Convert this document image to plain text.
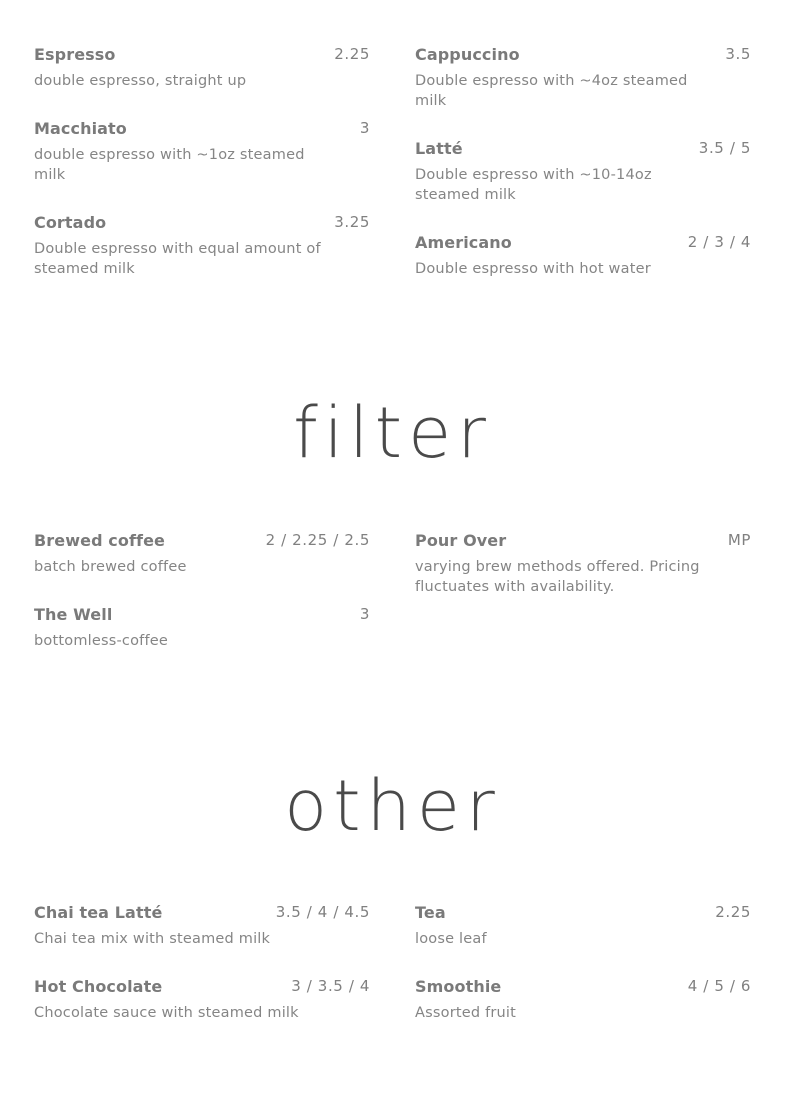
Espresso	2.25
double espresso, straight up
Macchiato	3
double espresso with ~1oz steamed milk
Cortado	3.25
Double espresso with equal amount of steamed milk
Cappuccino	3.5
Double espresso with ~4oz steamed milk
Latté	3.5 / 5
Double espresso with ~10-14oz steamed milk
Americano	2 / 3 / 4
Double espresso with hot water
filter
Brewed coffee	2 / 2.25 / 2.5
batch brewed coffee
The Well	3
bottomless-coffee
Pour Over	MP
varying brew methods offered. Pricing fluctuates with availability.
other
Chai tea Latté	3.5 / 4 / 4.5
Chai tea mix with steamed milk
Hot Chocolate	3 / 3.5 / 4
Chocolate sauce with steamed milk
Tea	2.25
loose leaf
Smoothie	4 / 5 / 6
Assorted fruit
